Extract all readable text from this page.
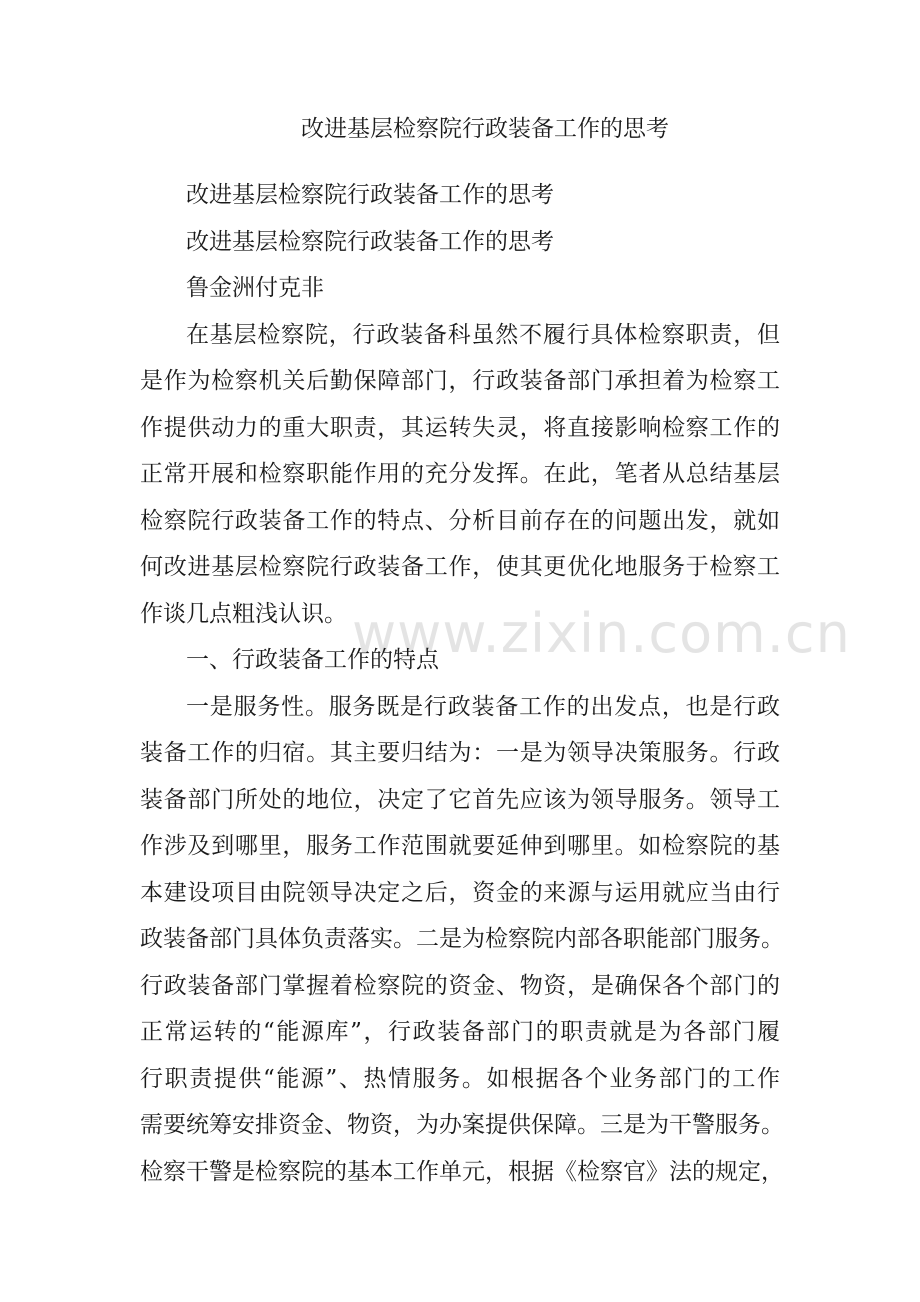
改进基层检察院行政装备工作的思考
改进基层检察院行政装备工作的思考
改进基层检察院行政装备工作的思考
鲁金洲付克非
在基层检察院，行政装备科虽然不履行具体检察职责，但
是作为检察机关后勤保障部门，行政装备部门承担着为检察工
作提供动力的重大职责，其运转失灵，将直接影响检察工作的
正常开展和检察职能作用的充分发挥。在此，笔者从总结基层
检察院行政装备工作的特点、分析目前存在的问题出发，就如
何改进基层检察院行政装备工作，使其更优化地服务于检察工
作谈几点粗浅认识。
一、行政装备工作的特点
一是服务性。服务既是行政装备工作的出发点，也是行政
装备工作的归宿。其主要归结为：一是为领导决策服务。行政
装备部门所处的地位，决定了它首先应该为领导服务。领导工
作涉及到哪里，服务工作范围就要延伸到哪里。如检察院的基
本建设项目由院领导决定之后，资金的来源与运用就应当由行
政装备部门具体负责落实。二是为检察院内部各职能部门服务。
行政装备部门掌握着检察院的资金、物资，是确保各个部门的
正常运转的“能源库”，行政装备部门的职责就是为各部门履
行职责提供“能源”、热情服务。如根据各个业务部门的工作
需要统筹安排资金、物资，为办案提供保障。三是为干警服务。
检察干警是检察院的基本工作单元，根据《检察官》法的规定，
www.zixin.com.cn
